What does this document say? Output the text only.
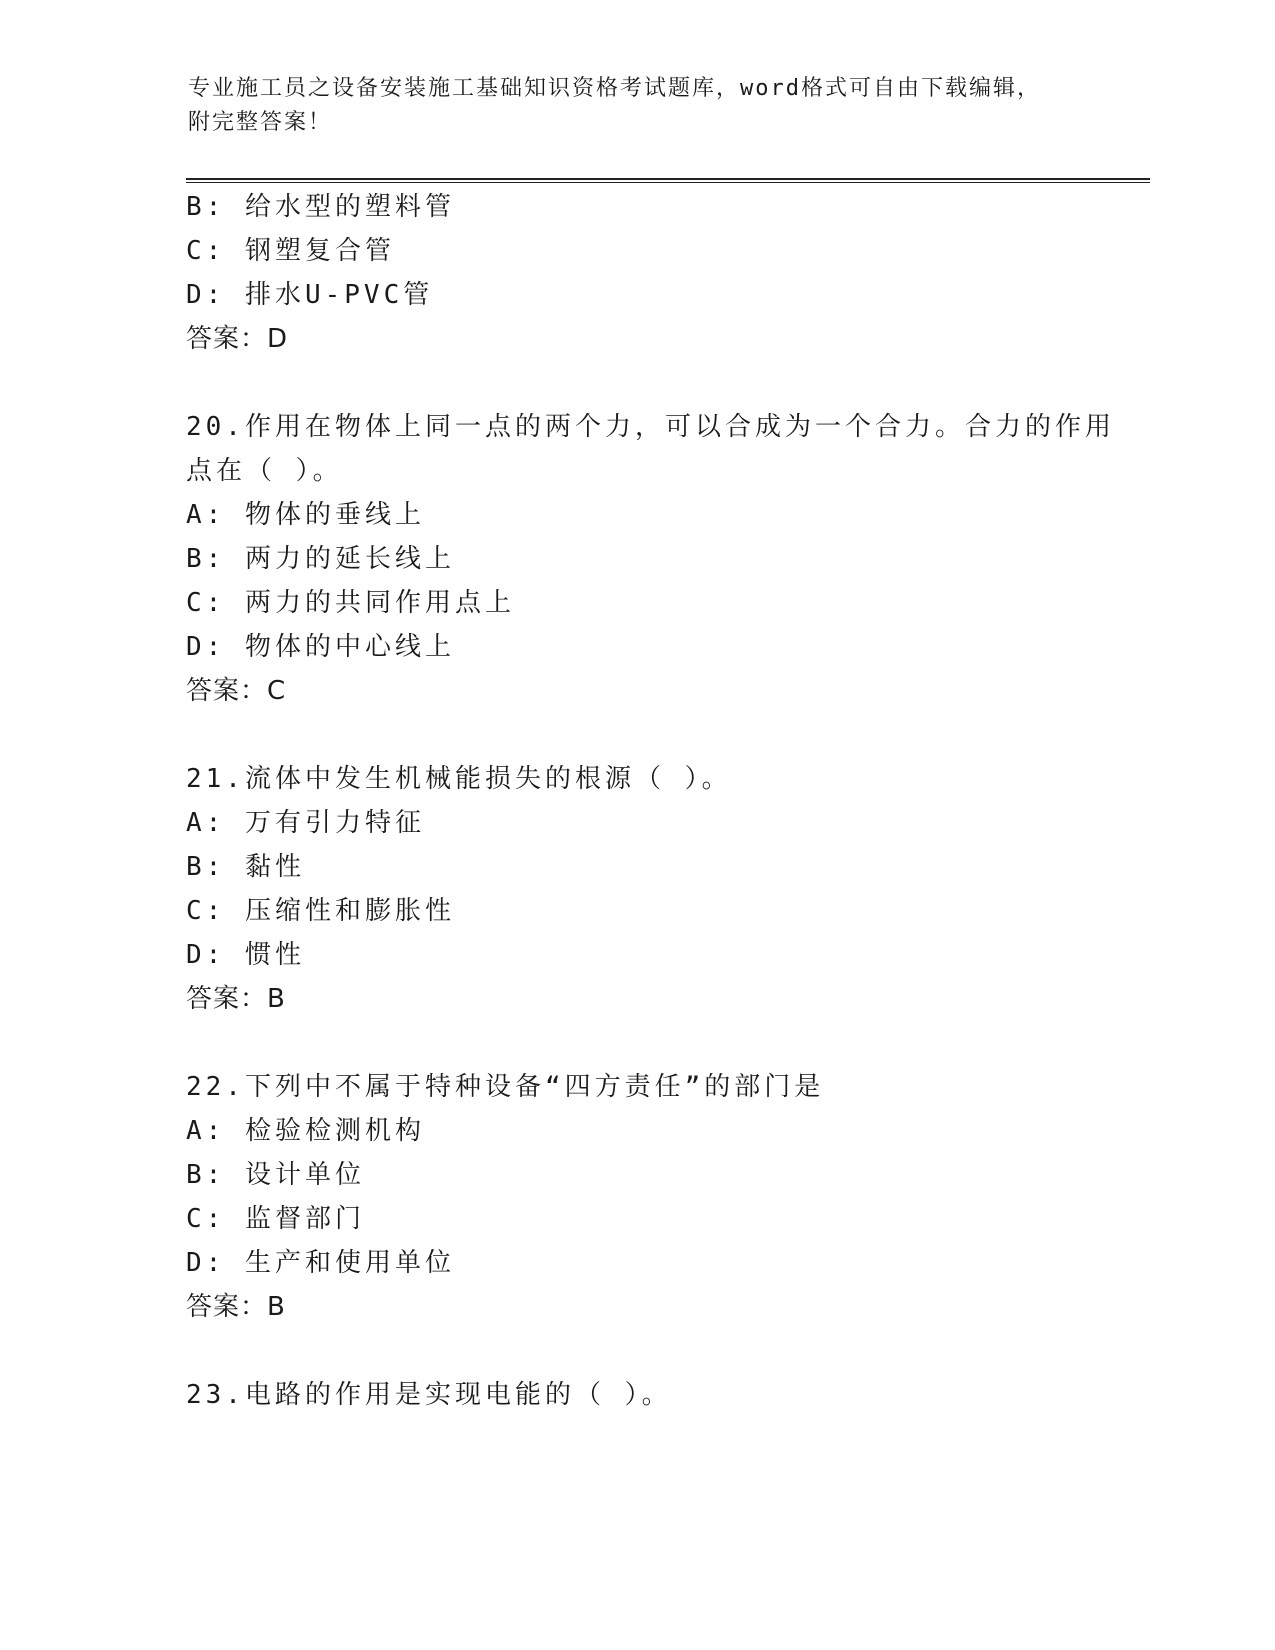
专业施工员之设备安装施工基础知识资格考试题库，word格式可自由下载编辑，
附完整答案！
B: 给水型的塑料管
C: 钢塑复合管
D: 排水U-PVC管
答案：D
20.作用在物体上同一点的两个力，可以合成为一个合力。合力的作用
点在（ ）。
A: 物体的垂线上
B: 两力的延长线上
C: 两力的共同作用点上
D: 物体的中心线上
答案：C
21.流体中发生机械能损失的根源（ ）。
A: 万有引力特征
B: 黏性
C: 压缩性和膨胀性
D: 惯性
答案：B
22.下列中不属于特种设备“四方责任”的部门是
A: 检验检测机构
B: 设计单位
C: 监督部门
D: 生产和使用单位
答案：B
23.电路的作用是实现电能的（ ）。
